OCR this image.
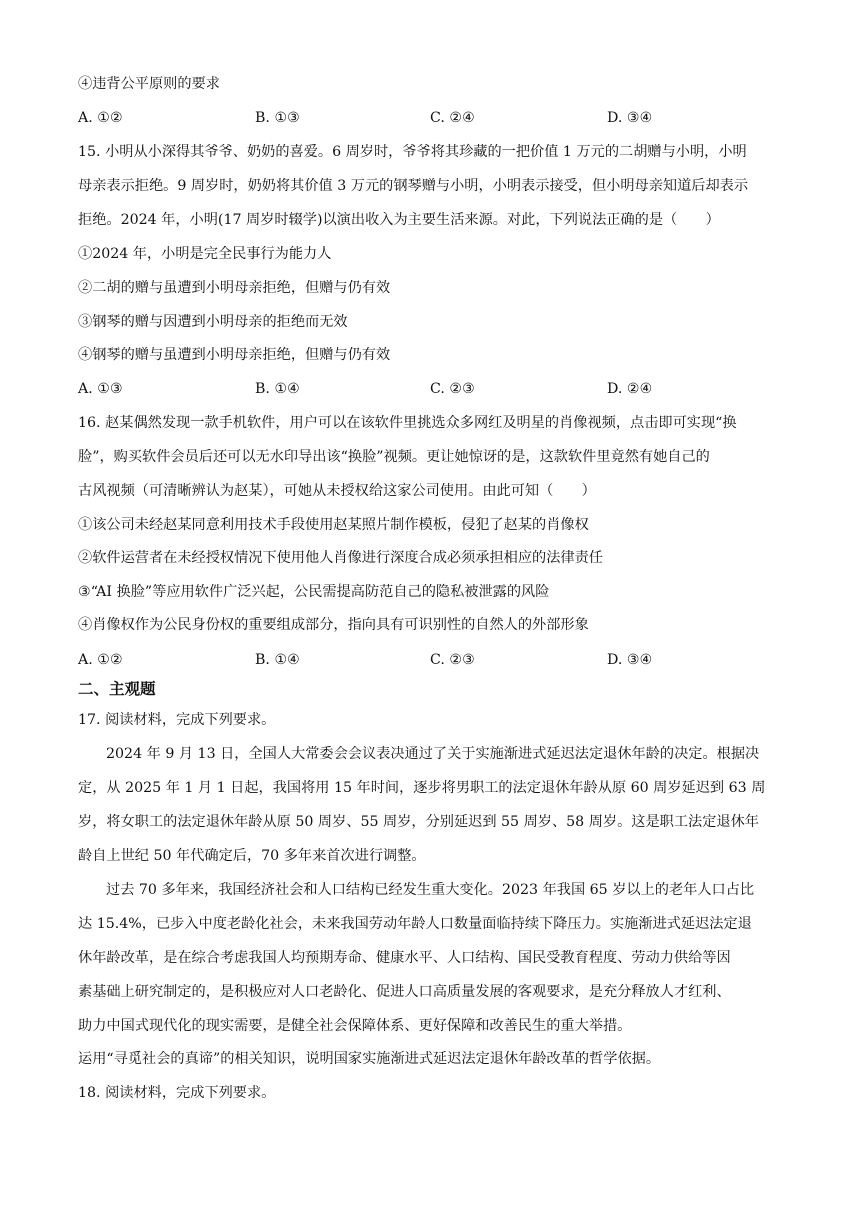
④违背公平原则的要求
A. ①②	B. ①③	C. ②④	D. ③④
15. 小明从小深得其爷爷、奶奶的喜爱。6 周岁时，爷爷将其珍藏的一把价值 1 万元的二胡赠与小明，小明
母亲表示拒绝。9 周岁时，奶奶将其价值 3 万元的钢琴赠与小明，小明表示接受，但小明母亲知道后却表示
拒绝。2024 年，小明(17 周岁时辍学)以演出收入为主要生活来源。对此，下列说法正确的是（　　）
①2024 年，小明是完全民事行为能力人
②二胡的赠与虽遭到小明母亲拒绝，但赠与仍有效
③钢琴的赠与因遭到小明母亲的拒绝而无效
④钢琴的赠与虽遭到小明母亲拒绝，但赠与仍有效
A. ①③	B. ①④	C. ②③	D. ②④
16. 赵某偶然发现一款手机软件，用户可以在该软件里挑选众多网红及明星的肖像视频，点击即可实现“换
脸”，购买软件会员后还可以无水印导出该“换脸”视频。更让她惊讶的是，这款软件里竟然有她自己的
古风视频（可清晰辨认为赵某），可她从未授权给这家公司使用。由此可知（　　）
①该公司未经赵某同意利用技术手段使用赵某照片制作模板，侵犯了赵某的肖像权
②软件运营者在未经授权情况下使用他人肖像进行深度合成必须承担相应的法律责任
③“AI 换脸”等应用软件广泛兴起，公民需提高防范自己的隐私被泄露的风险
④肖像权作为公民身份权的重要组成部分，指向具有可识别性的自然人的外部形象
A. ①②	B. ①④	C. ②③	D. ③④
二、主观题
17. 阅读材料，完成下列要求。
2024 年 9 月 13 日，全国人大常委会会议表决通过了关于实施渐进式延迟法定退休年龄的决定。根据决
定，从 2025 年 1 月 1 日起，我国将用 15 年时间，逐步将男职工的法定退休年龄从原 60 周岁延迟到 63 周
岁，将女职工的法定退休年龄从原 50 周岁、55 周岁，分别延迟到 55 周岁、58 周岁。这是职工法定退休年
龄自上世纪 50 年代确定后，70 多年来首次进行调整。
过去 70 多年来，我国经济社会和人口结构已经发生重大变化。2023 年我国 65 岁以上的老年人口占比
达 15.4%，已步入中度老龄化社会，未来我国劳动年龄人口数量面临持续下降压力。实施渐进式延迟法定退
休年龄改革，是在综合考虑我国人均预期寿命、健康水平、人口结构、国民受教育程度、劳动力供给等因
素基础上研究制定的，是积极应对人口老龄化、促进人口高质量发展的客观要求，是充分释放人才红利、
助力中国式现代化的现实需要，是健全社会保障体系、更好保障和改善民生的重大举措。
运用“寻觅社会的真谛”的相关知识，说明国家实施渐进式延迟法定退休年龄改革的哲学依据。
18. 阅读材料，完成下列要求。
